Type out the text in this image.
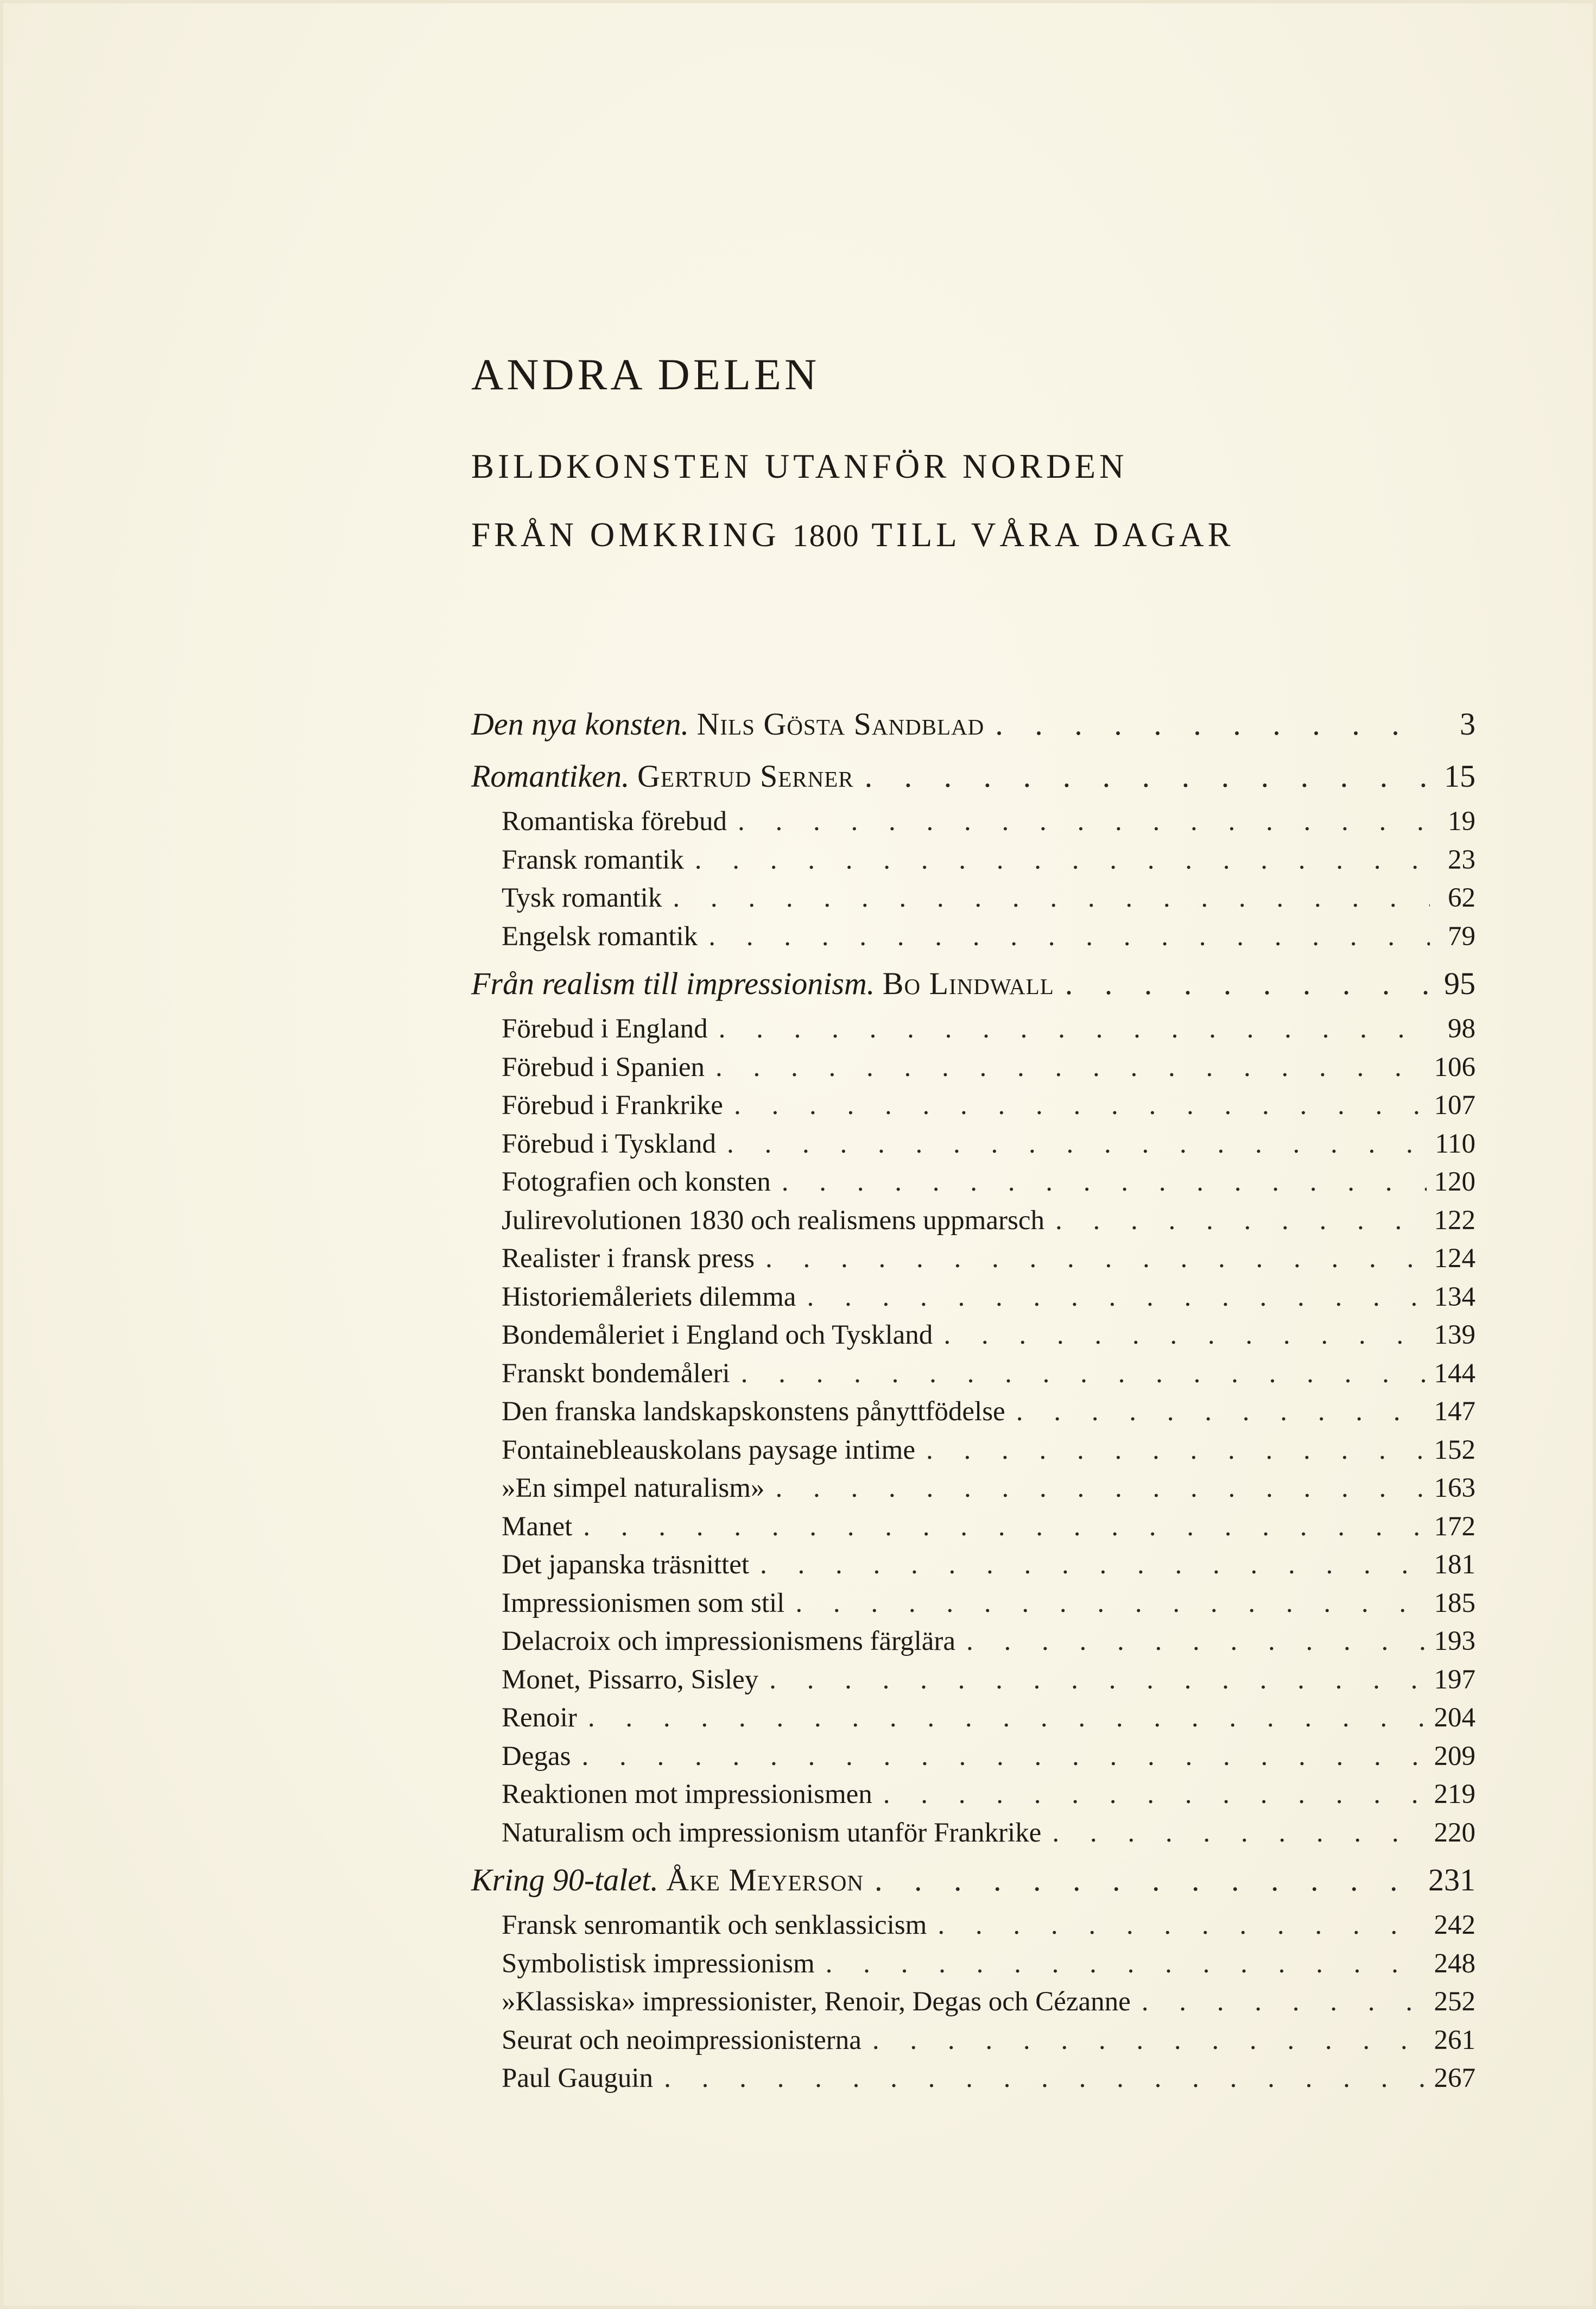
ANDRA DELEN
BILDKONSTEN UTANFÖR NORDEN
FRÅN OMKRING 1800 TILL VÅRA DAGAR
Den nya konsten. Nils Gösta Sandblad . . .	3
Romantiken. Gertrud Serner . . .	15
Romantiska förebud . . .	19
Fransk romantik . . .	23
Tysk romantik . . .	62
Engelsk romantik . . .	79
Från realism till impressionism. Bo Lindwall . . .	95
Förebud i England . . .	98
Förebud i Spanien . . .	106
Förebud i Frankrike . . .	107
Förebud i Tyskland . . .	110
Fotografien och konsten . . .	120
Julirevolutionen 1830 och realismens uppmarsch . . .	122
Realister i fransk press . . .	124
Historiemåleriets dilemma . . .	134
Bondemåleriet i England och Tyskland . . .	139
Franskt bondemåleri . . .	144
Den franska landskapskonstens pånyttfödelse . . .	147
Fontainebleauskolans paysage intime . . .	152
»En simpel naturalism» . . .	163
Manet . . .	172
Det japanska träsnittet . . .	181
Impressionismen som stil . . .	185
Delacroix och impressionismens färglära . . .	193
Monet, Pissarro, Sisley . . .	197
Renoir . . .	204
Degas . . .	209
Reaktionen mot impressionismen . . .	219
Naturalism och impressionism utanför Frankrike . . .	220
Kring 90-talet. Åke Meyerson . . .	231
Fransk senromantik och senklassicism . . .	242
Symbolistisk impressionism . . .	248
»Klassiska» impressionister, Renoir, Degas och Cézanne . . .	252
Seurat och neoimpressionisterna . . .	261
Paul Gauguin . . .	267
